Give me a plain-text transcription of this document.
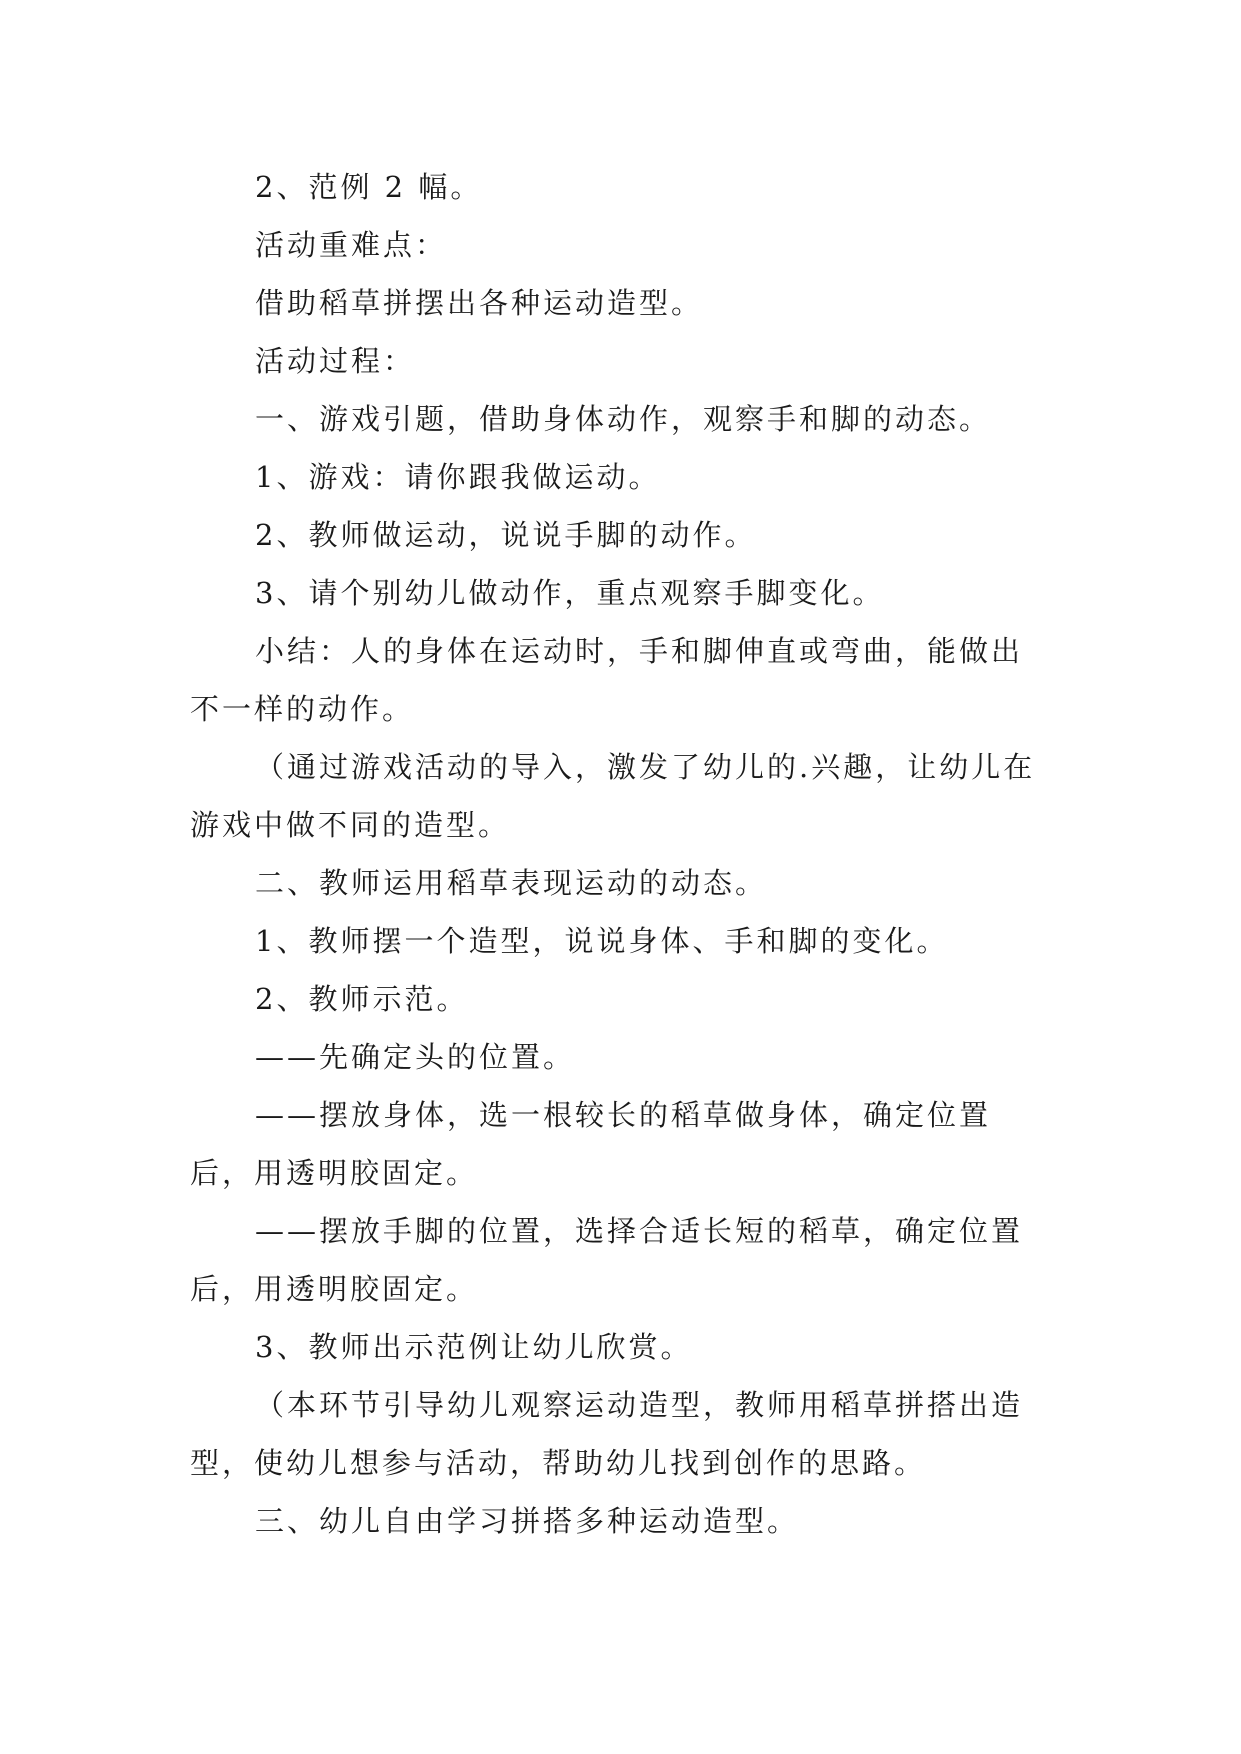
2、范例 2 幅。

活动重难点：

借助稻草拼摆出各种运动造型。

活动过程：

一、游戏引题，借助身体动作，观察手和脚的动态。

1、游戏：请你跟我做运动。

2、教师做运动，说说手脚的动作。

3、请个别幼儿做动作，重点观察手脚变化。

小结：人的身体在运动时，手和脚伸直或弯曲，能做出不一样的动作。

（通过游戏活动的导入，激发了幼儿的.兴趣，让幼儿在游戏中做不同的造型。

二、教师运用稻草表现运动的动态。

1、教师摆一个造型，说说身体、手和脚的变化。

2、教师示范。

——先确定头的位置。

——摆放身体，选一根较长的稻草做身体，确定位置后，用透明胶固定。

——摆放手脚的位置，选择合适长短的稻草，确定位置后，用透明胶固定。

3、教师出示范例让幼儿欣赏。

（本环节引导幼儿观察运动造型，教师用稻草拼搭出造型，使幼儿想参与活动，帮助幼儿找到创作的思路。

三、幼儿自由学习拼搭多种运动造型。
